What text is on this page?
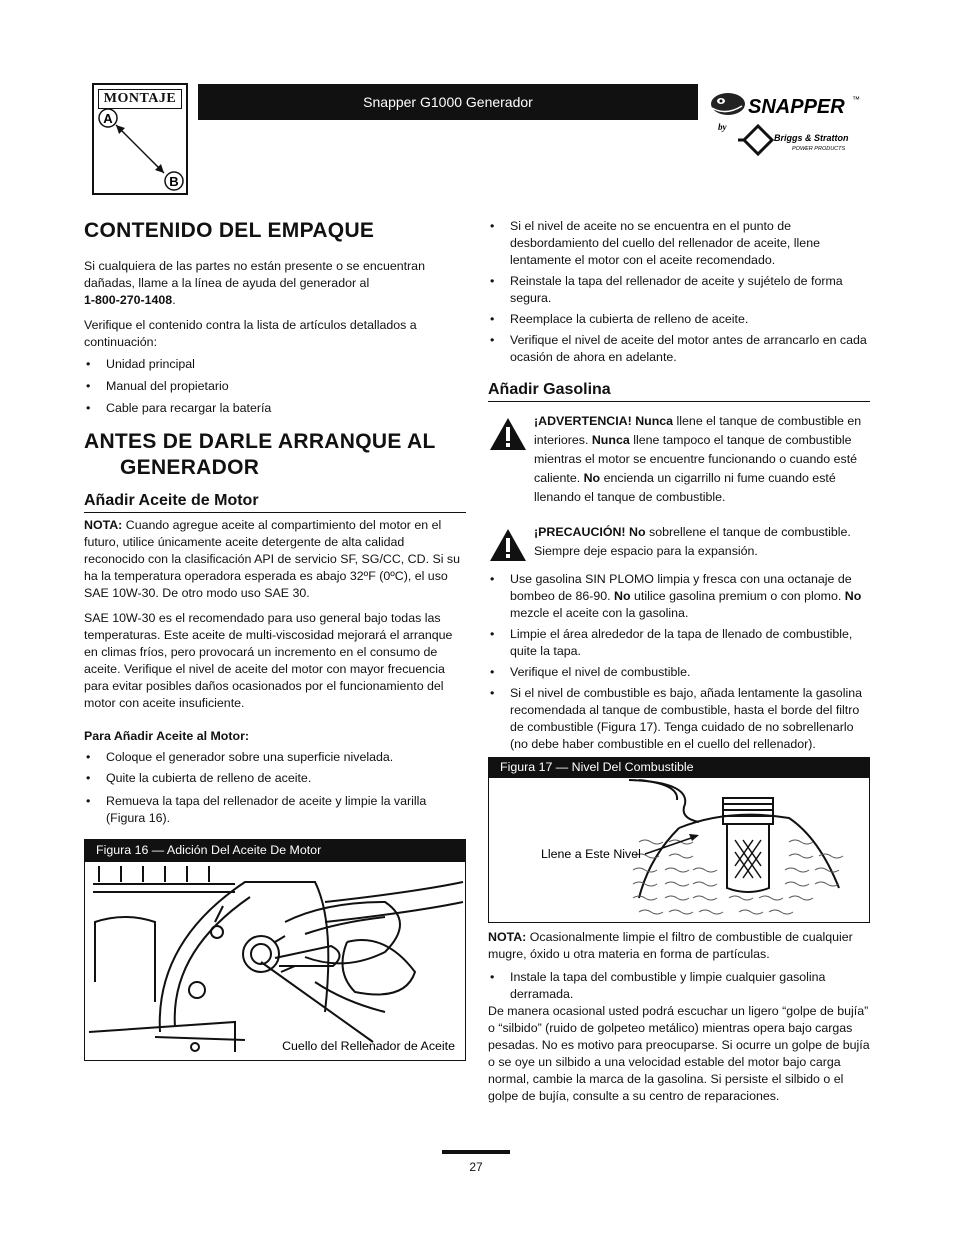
MONTAJE
A
B
Snapper G1000 Generador	SNAPPER ™
by
Briggs & Stratton
POWER PRODUCTS
CONTENIDO DEL EMPAQUE

Si cualquiera de las partes no están presente o se encuentran dañadas, llame a la línea de ayuda del generador al
1-800-270-1408.

Verifique el contenido contra la lista de artículos detallados a continuación:

• Unidad principal
• Manual del propietario
• Cable para recargar la batería
ANTES DE DARLE ARRANQUE AL GENERADOR
Añadir Aceite de Motor

NOTA: Cuando agregue aceite al compartimiento del motor en el futuro, utilice únicamente aceite detergente de alta calidad reconocido con la clasificación API de servicio SF, SG/CC, CD. Si su ha la temperatura operadora esperada es abajo 32ºF (0ºC), el uso SAE 10W-30. De otro modo uso SAE 30.

SAE 10W-30 es el recomendado para uso general bajo todas las temperaturas. Este aceite de multi-viscosidad mejorará el arranque en climas fríos, pero provocará un incremento en el consumo de aceite. Verifique el nivel de aceite del motor con mayor frecuencia para evitar posibles daños ocasionados por el funcionamiento del motor con aceite insuficiente.

Para Añadir Aceite al Motor:
• Coloque el generador sobre una superficie nivelada.
• Quite la cubierta de relleno de aceite.
• Remueva la tapa del rellenador de aceite y limpie la varilla (Figura 16).
Figura 16 — Adición Del Aceite De Motor
Cuello del Rellenador de Aceite
• Si el nivel de aceite no se encuentra en el punto de desbordamiento del cuello del rellenador de aceite, llene lentamente el motor con el aceite recomendado.
• Reinstale la tapa del rellenador de aceite y sujételo de forma segura.
• Reemplace la cubierta de relleno de aceite.
• Verifique el nivel de aceite del motor antes de arrancarlo en cada ocasión de ahora en adelante.
Añadir Gasolina
¡ADVERTENCIA! Nunca llene el tanque de combustible en interiores. Nunca llene tampoco el tanque de combustible mientras el motor se encuentre funcionando o cuando esté caliente. No encienda un cigarrillo ni fume cuando esté llenando el tanque de combustible.
¡PRECAUCIÓN! No sobrellene el tanque de combustible. Siempre deje espacio para la expansión.
• Use gasolina SIN PLOMO limpia y fresca con una octanaje de bombeo de 86-90. No utilice gasolina premium o con plomo. No mezcle el aceite con la gasolina.
• Limpie el área alrededor de la tapa de llenado de combustible, quite la tapa.
• Verifique el nivel de combustible.
• Si el nivel de combustible es bajo, añada lentamente la gasolina recomendada al tanque de combustible, hasta el borde del filtro de combustible (Figura 17). Tenga cuidado de no sobrellenarlo (no debe haber combustible en el cuello del rellenador).
Figura 17 — Nivel Del Combustible
Llene a Este Nivel

NOTA: Ocasionalmente limpie el filtro de combustible de cualquier mugre, óxido u otra materia en forma de partículas.

• Instale la tapa del combustible y limpie cualquier gasolina derramada.

De manera ocasional usted podrá escuchar un ligero “golpe de bujía” o “silbido” (ruido de golpeteo metálico) mientras opera bajo cargas pesadas. No es motivo para preocuparse. Si ocurre un golpe de bujía o se oye un silbido a una velocidad estable del motor bajo carga normal, cambie la marca de la gasolina. Si persiste el silbido o el golpe de bujía, consulte a su centro de reparaciones.

27
